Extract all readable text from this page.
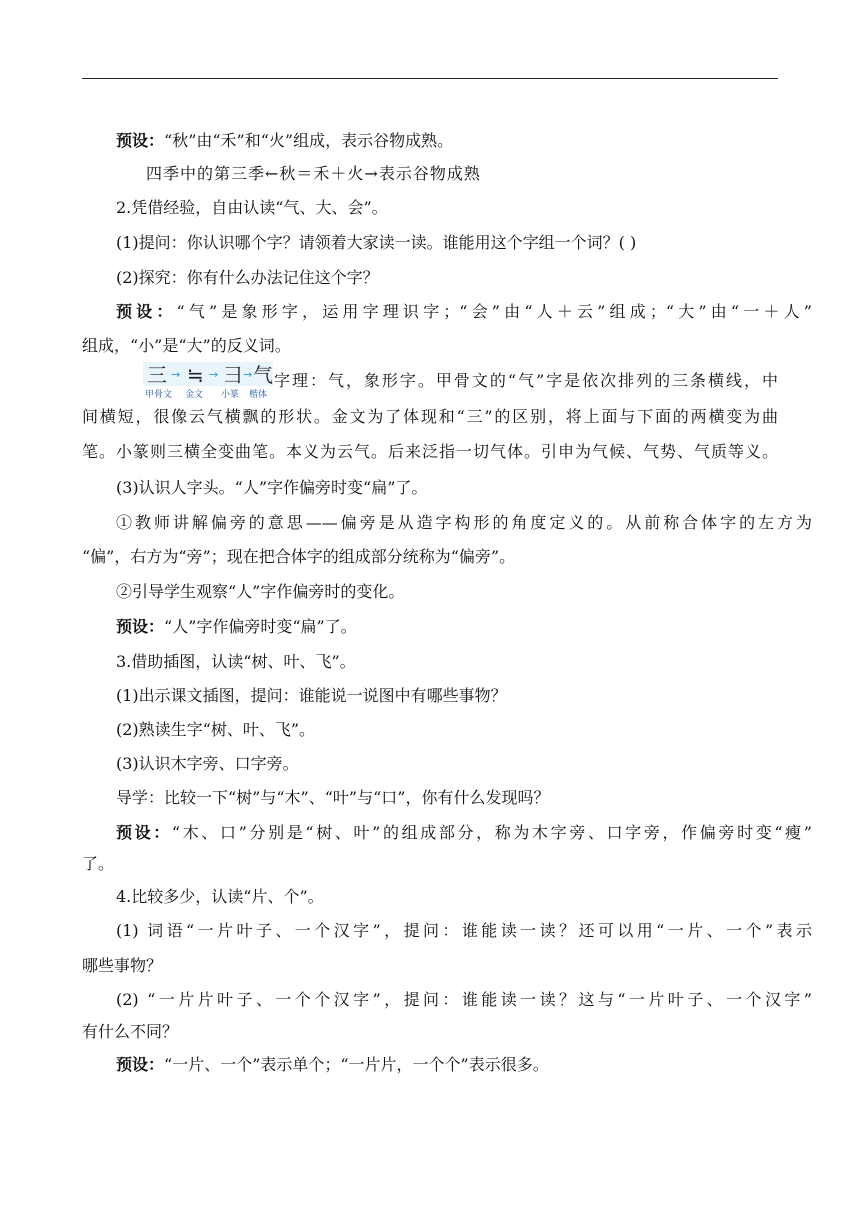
预设：“秋”由“禾”和“火”组成，表示谷物成熟。
四季中的第三季←秋＝禾＋火→表示谷物成熟
2.凭借经验，自由认读“气、大、会”。
(1)提问：你认识哪个字？请领着大家读一读。谁能用这个字组一个词？( )
(2)探究：你有什么办法记住这个字？
预设：“气”是象形字，运用字理识字；“会”由“人＋云”组成；“大”由“一＋人”
组成，“小”是“大”的反义词。
三 → ≒ → ⺕ → 气
甲骨文 金文 小篆 楷体
字理：气，象形字。甲骨文的“气”字是依次排列的三条横线，中
间横短，很像云气横飘的形状。金文为了体现和“三”的区别，将上面与下面的两横变为曲
笔。小篆则三横全变曲笔。本义为云气。后来泛指一切气体。引申为气候、气势、气质等义。
(3)认识人字头。“人”字作偏旁时变“扁”了。
①教师讲解偏旁的意思——偏旁是从造字构形的角度定义的。从前称合体字的左方为
“偏”，右方为“旁”；现在把合体字的组成部分统称为“偏旁”。
②引导学生观察“人”字作偏旁时的变化。
预设：“人”字作偏旁时变“扁”了。
3.借助插图，认读“树、叶、飞”。
(1)出示课文插图，提问：谁能说一说图中有哪些事物？
(2)熟读生字“树、叶、飞”。
(3)认识木字旁、口字旁。
导学：比较一下“树”与“木”、“叶”与“口”，你有什么发现吗？
预设：“木、口”分别是“树、叶”的组成部分，称为木字旁、口字旁，作偏旁时变“瘦”
了。
4.比较多少，认读“片、个”。
(1) 词语“一片叶子、一个汉字”，提问：谁能读一读？还可以用“一片、一个”表示
哪些事物？
(2) “一片片叶子、一个个汉字”，提问：谁能读一读？这与“一片叶子、一个汉字”
有什么不同？
预设：“一片、一个”表示单个；“一片片，一个个”表示很多。
